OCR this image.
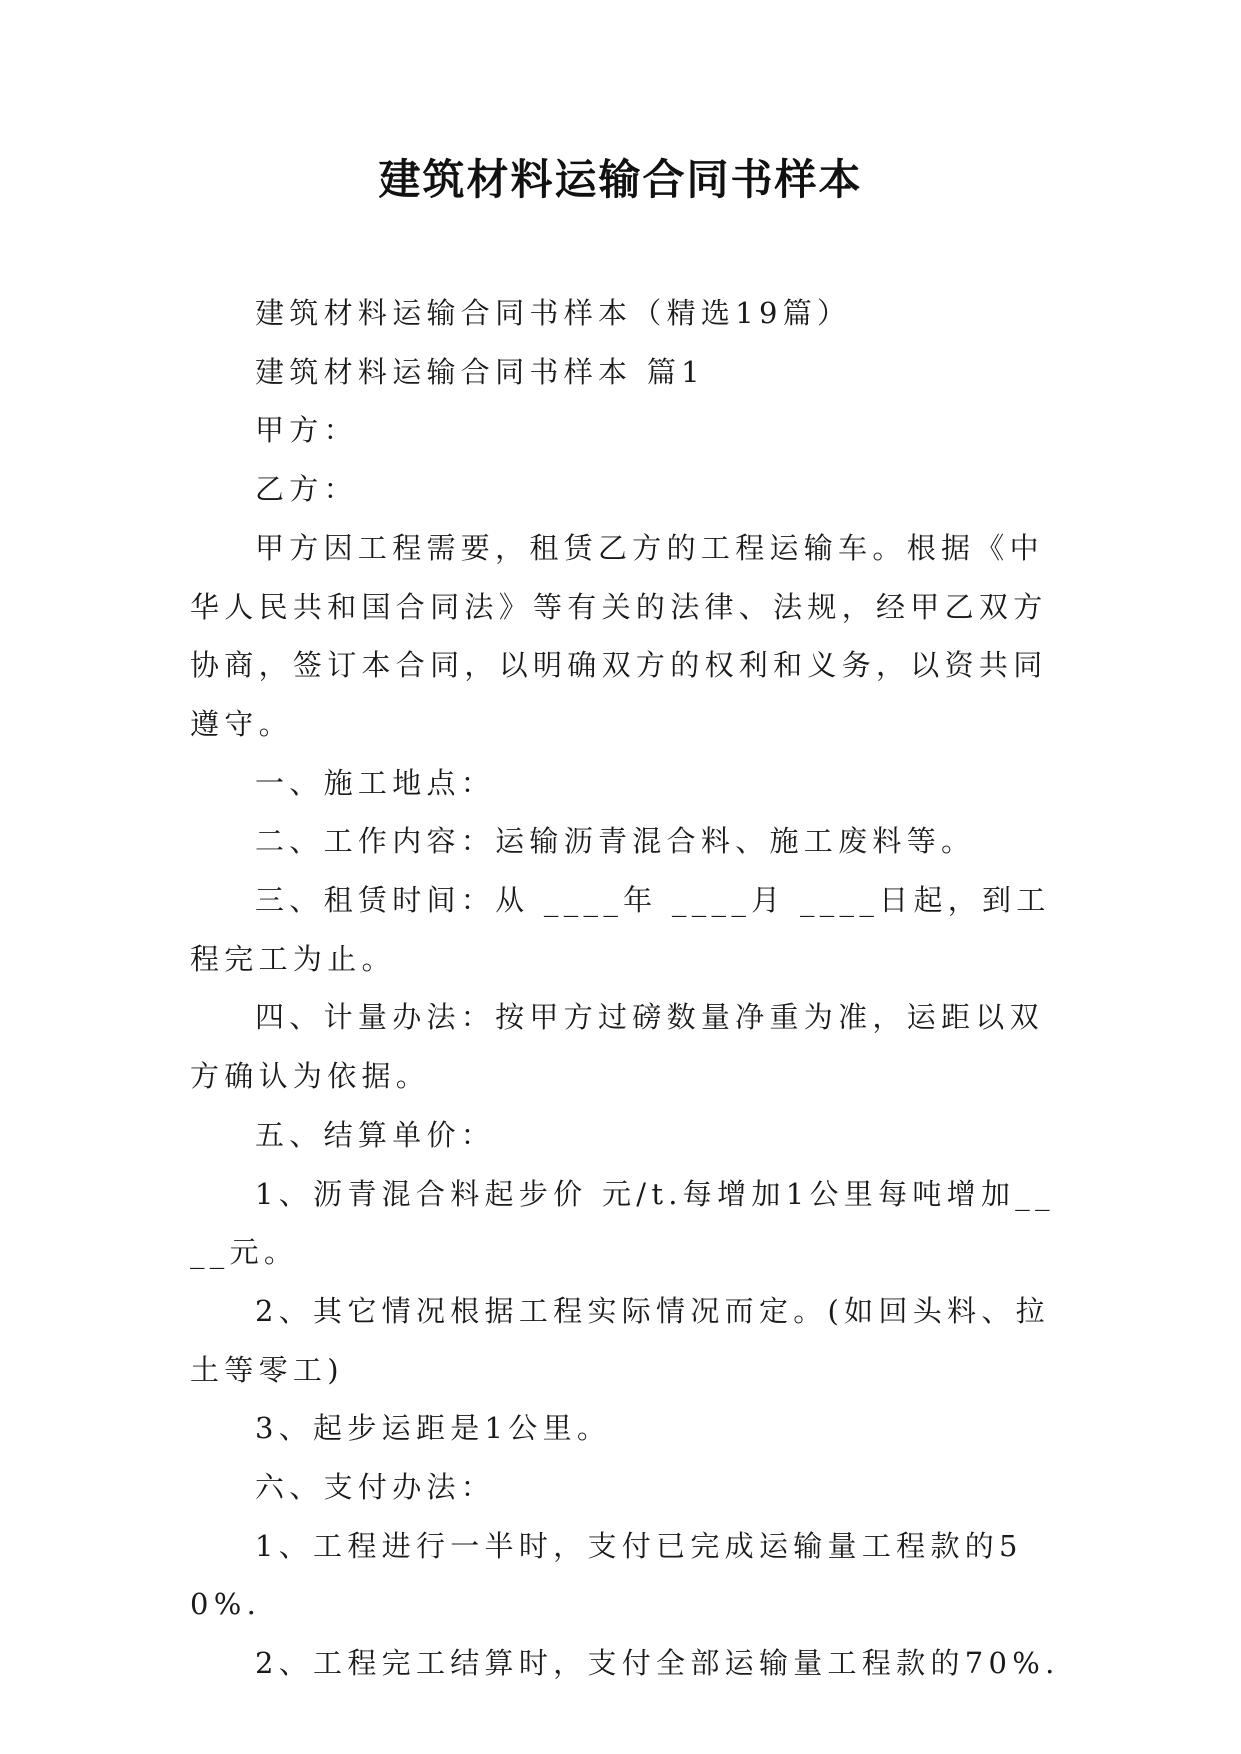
建筑材料运输合同书样本

建筑材料运输合同书样本（精选19篇）

建筑材料运输合同书样本 篇1

甲方：

乙方：

甲方因工程需要，租赁乙方的工程运输车。根据《中华人民共和国合同法》等有关的法律、法规，经甲乙双方协商，签订本合同，以明确双方的权利和义务，以资共同遵守。

一、施工地点：

二、工作内容：运输沥青混合料、施工废料等。

三、租赁时间：从 ____年 ____月 ____日起，到工程完工为止。

四、计量办法：按甲方过磅数量净重为准，运距以双方确认为依据。

五、结算单价：

1、沥青混合料起步价 元/t.每增加1公里每吨增加____元。

2、其它情况根据工程实际情况而定。(如回头料、拉土等零工)

3、起步运距是1公里。

六、支付办法：

1、工程进行一半时，支付已完成运输量工程款的50%.

2、工程完工结算时，支付全部运输量工程款的70%.
